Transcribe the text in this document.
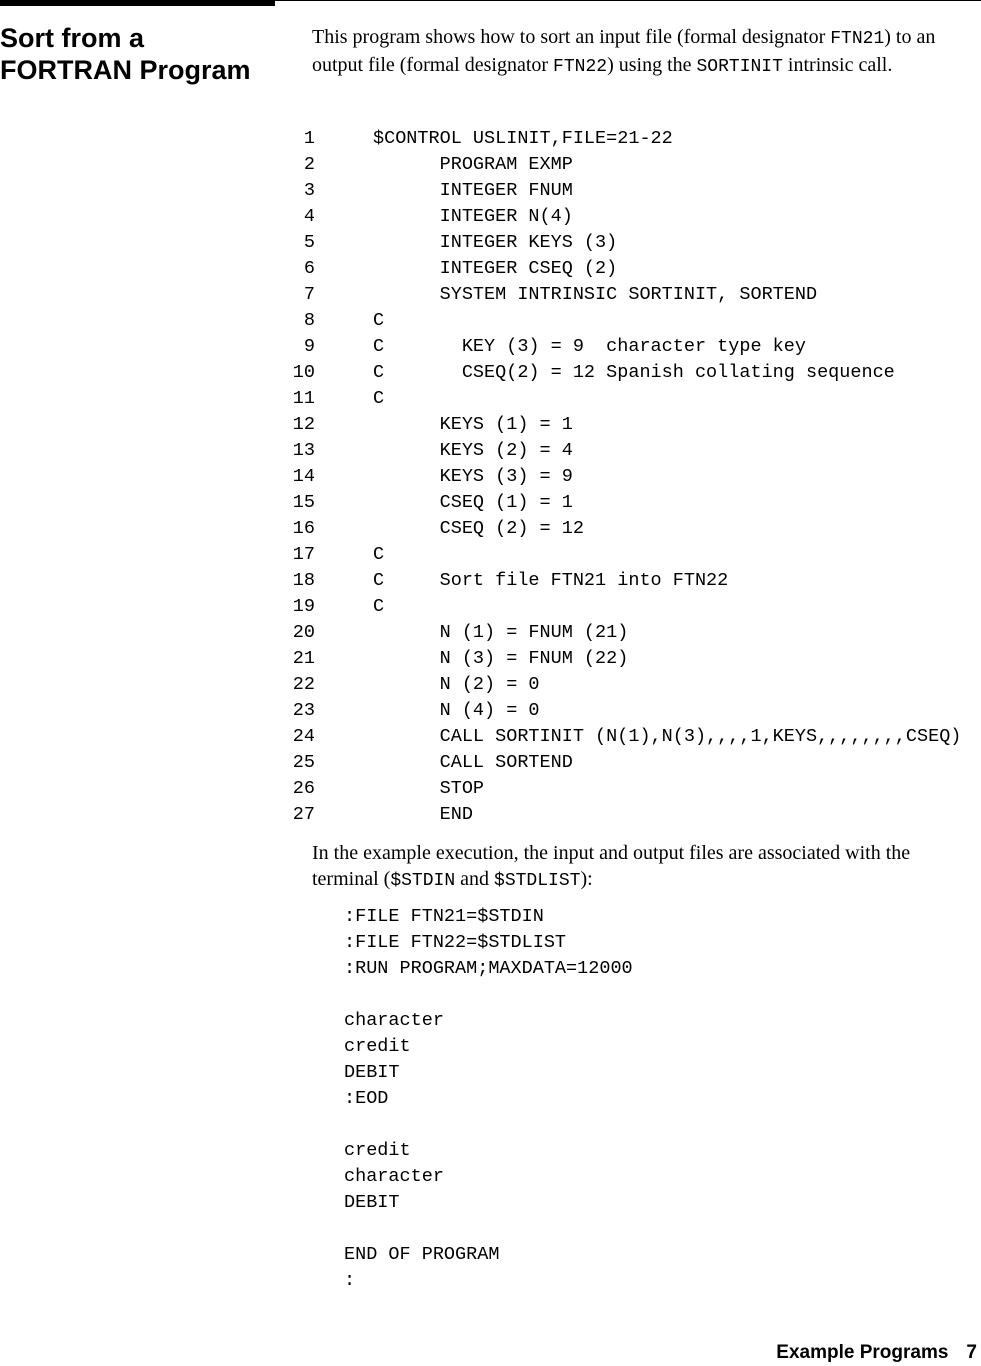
Sort from a FORTRAN Program

This program shows how to sort an input file (formal designator FTN21) to an output file (formal designator FTN22) using the SORTINIT intrinsic call.

1	$CONTROL USLINIT,FILE=21-22
2	PROGRAM EXMP
3	INTEGER FNUM
4	INTEGER N(4)
5	INTEGER KEYS (3)
6	INTEGER CSEQ (2)
7	SYSTEM INTRINSIC SORTINIT, SORTEND
8	C
9	C       KEY (3) = 9  character type key
10	C       CSEQ(2) = 12 Spanish collating sequence
11	C
12	KEYS (1) = 1
13	KEYS (2) = 4
14	KEYS (3) = 9
15	CSEQ (1) = 1
16	CSEQ (2) = 12
17	C
18	C     Sort file FTN21 into FTN22
19	C
20	N (1) = FNUM (21)
21	N (3) = FNUM (22)
22	N (2) = 0
23	N (4) = 0
24	CALL SORTINIT (N(1),N(3),,,,1,KEYS,,,,,,,,CSEQ)
25	CALL SORTEND
26	STOP
27	END

In the example execution, the input and output files are associated with the terminal ($STDIN and $STDLIST):

:FILE FTN21=$STDIN
:FILE FTN22=$STDLIST
:RUN PROGRAM;MAXDATA=12000
character
credit
DEBIT
:EOD
credit
character
DEBIT
END OF PROGRAM
:
Example Programs 7
